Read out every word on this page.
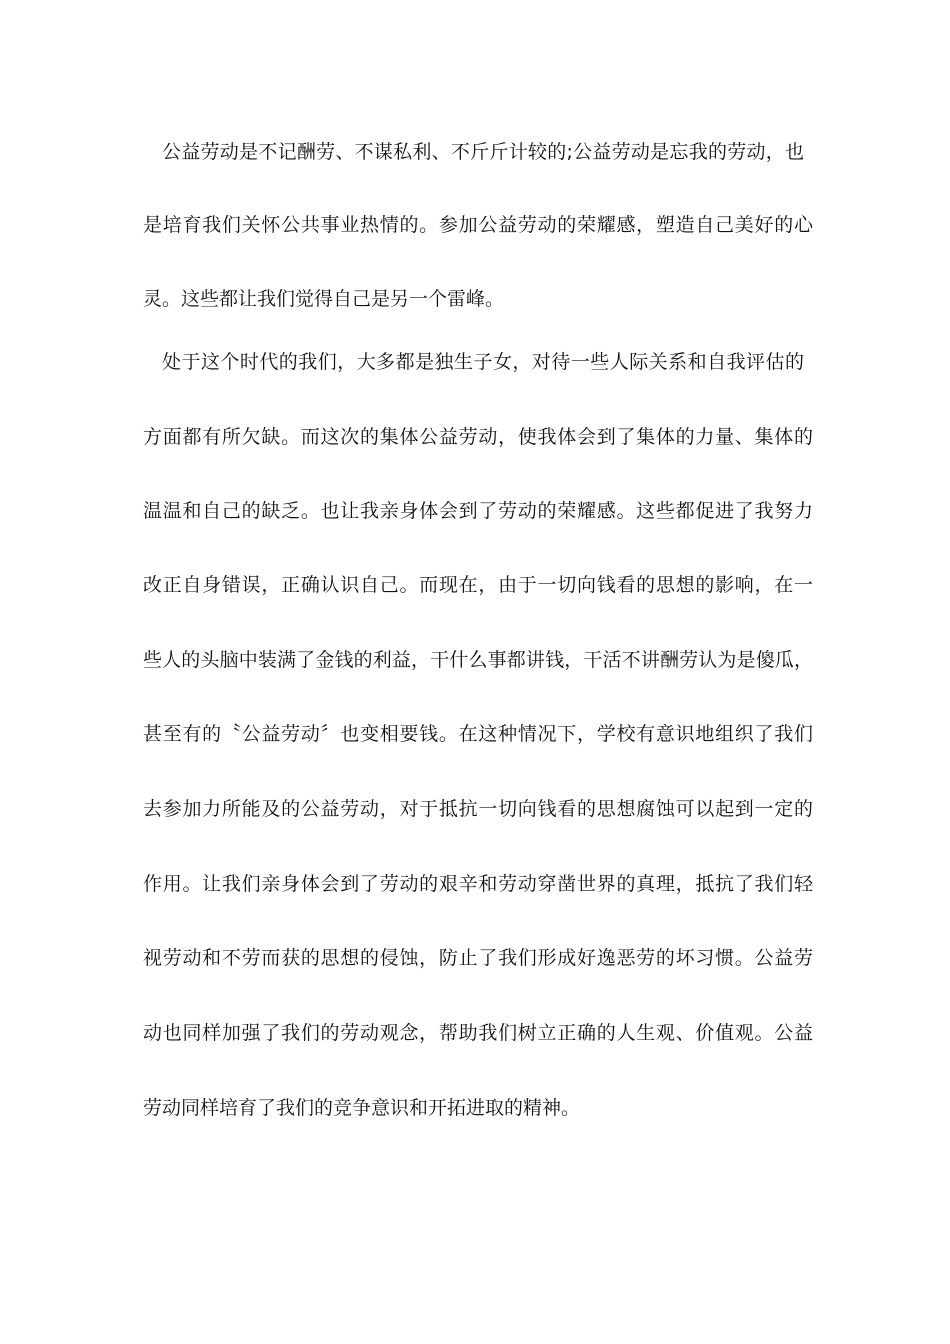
公益劳动是不记酬劳、不谋私利、不斤斤计较的;公益劳动是忘我的劳动，也
是培育我们关怀公共事业热情的。参加公益劳动的荣耀感，塑造自己美好的心
灵。这些都让我们觉得自己是另一个雷峰。
处于这个时代的我们，大多都是独生子女，对待一些人际关系和自我评估的
方面都有所欠缺。而这次的集体公益劳动，使我体会到了集体的力量、集体的
温温和自己的缺乏。也让我亲身体会到了劳动的荣耀感。这些都促进了我努力
改正自身错误，正确认识自己。而现在，由于一切向钱看的思想的影响，在一
些人的头脑中装满了金钱的利益，干什么事都讲钱，干活不讲酬劳认为是傻瓜，
甚至有的〝公益劳动〞也变相要钱。在这种情况下，学校有意识地组织了我们
去参加力所能及的公益劳动，对于抵抗一切向钱看的思想腐蚀可以起到一定的
作用。让我们亲身体会到了劳动的艰辛和劳动穿凿世界的真理，抵抗了我们轻
视劳动和不劳而获的思想的侵蚀，防止了我们形成好逸恶劳的坏习惯。公益劳
动也同样加强了我们的劳动观念，帮助我们树立正确的人生观、价值观。公益
劳动同样培育了我们的竞争意识和开拓进取的精神。
